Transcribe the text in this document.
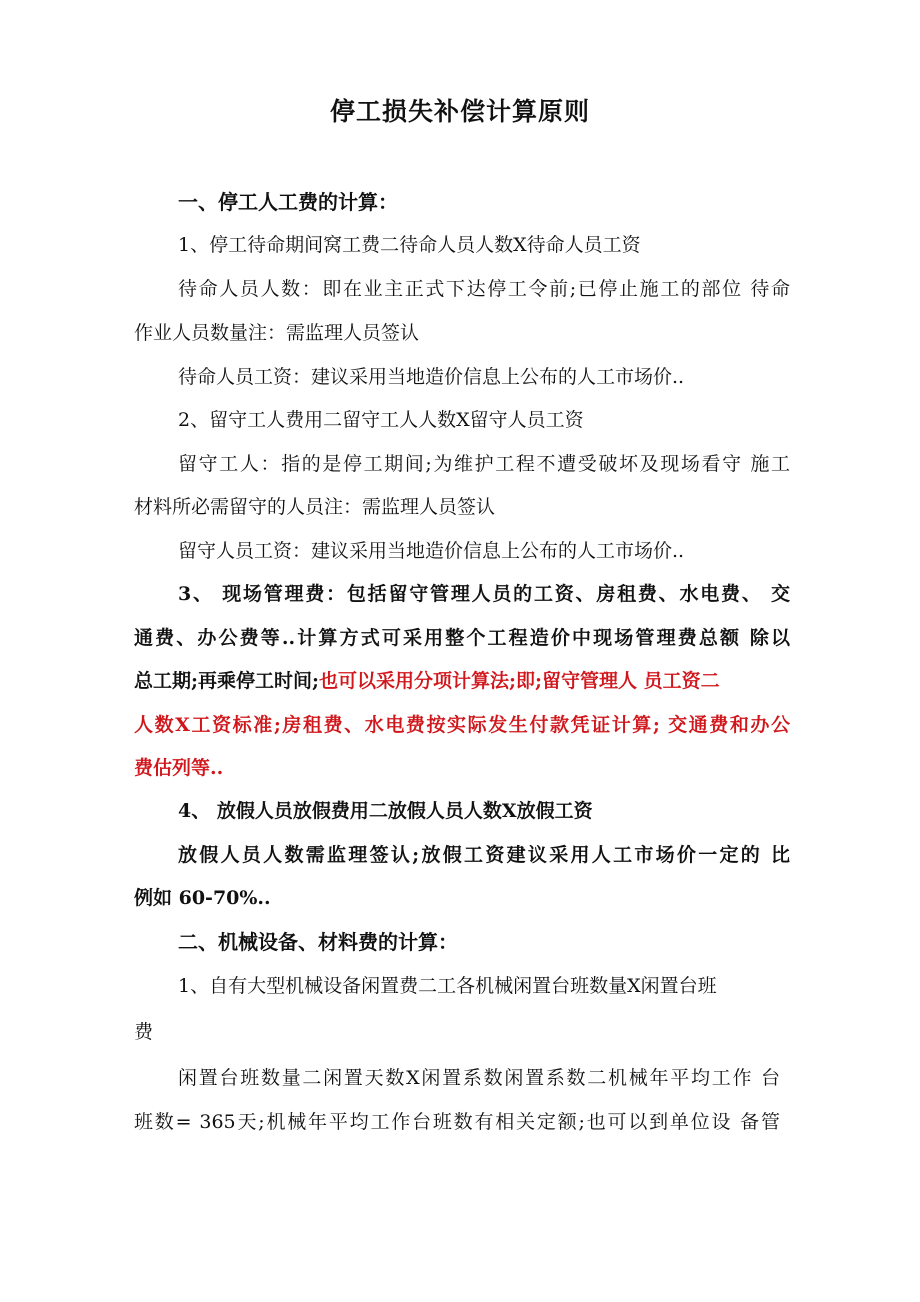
停工损失补偿计算原则
一、停工人工费的计算：
1、停工待命期间窝工费二待命人员人数X待命人员工资
待命人员人数：即在业主正式下达停工令前;已停止施工的部位 待命
作业人员数量注：需监理人员签认
待命人员工资：建议采用当地造价信息上公布的人工市场价..
2、留守工人费用二留守工人人数X留守人员工资
留守工人：指的是停工期间;为维护工程不遭受破坏及现场看守 施工
材料所必需留守的人员注：需监理人员签认
留守人员工资：建议采用当地造价信息上公布的人工市场价..
3、 现场管理费：包括留守管理人员的工资、房租费、水电费、 交
通费、办公费等..计算方式可采用整个工程造价中现场管理费总额 除以
总工期;再乘停工时间;也可以采用分项计算法;即;留守管理人 员工资二
人数X工资标准;房租费、水电费按实际发生付款凭证计算; 交通费和办公
费估列等..
4、 放假人员放假费用二放假人员人数X放假工资
放假人员人数需监理签认;放假工资建议采用人工市场价一定的 比
例如 60-70%..
二、机械设备、材料费的计算：
1、自有大型机械设备闲置费二工各机械闲置台班数量X闲置台班
费
闲置台班数量二闲置天数X闲置系数闲置系数二机械年平均工作 台
班数= 365天;机械年平均工作台班数有相关定额;也可以到单位设 备管
